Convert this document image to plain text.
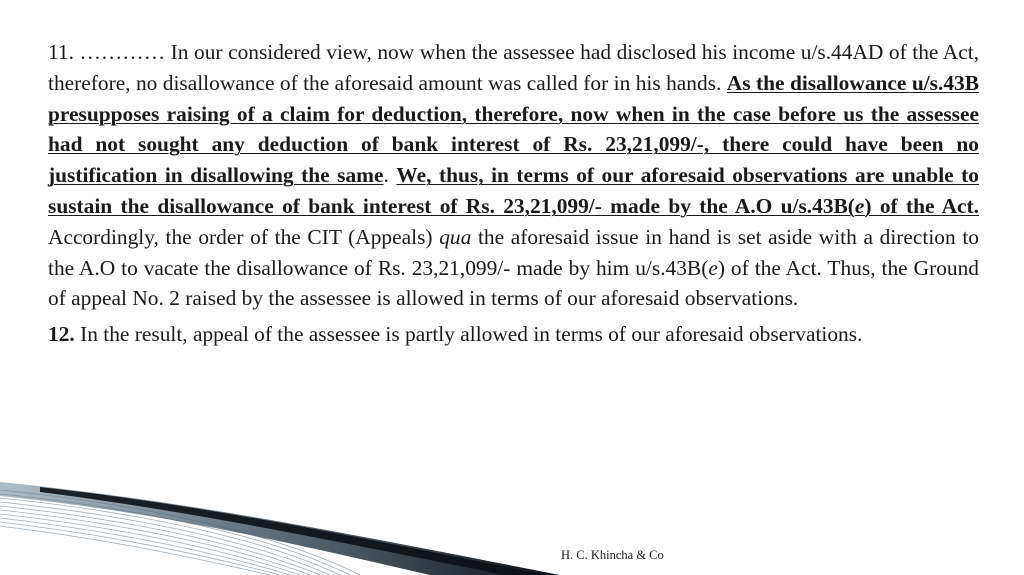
11. ………… In our considered view, now when the assessee had disclosed his income u/s.44AD of the Act, therefore, no disallowance of the aforesaid amount was called for in his hands. As the disallowance u/s.43B presupposes raising of a claim for deduction, therefore, now when in the case before us the assessee had not sought any deduction of bank interest of Rs. 23,21,099/-, there could have been no justification in disallowing the same. We, thus, in terms of our aforesaid observations are unable to sustain the disallowance of bank interest of Rs. 23,21,099/- made by the A.O u/s.43B(e) of the Act. Accordingly, the order of the CIT (Appeals) qua the aforesaid issue in hand is set aside with a direction to the A.O to vacate the disallowance of Rs. 23,21,099/- made by him u/s.43B(e) of the Act. Thus, the Ground of appeal No. 2 raised by the assessee is allowed in terms of our aforesaid observations.

12. In the result, appeal of the assessee is partly allowed in terms of our aforesaid observations.

H. C. Khincha & Co
